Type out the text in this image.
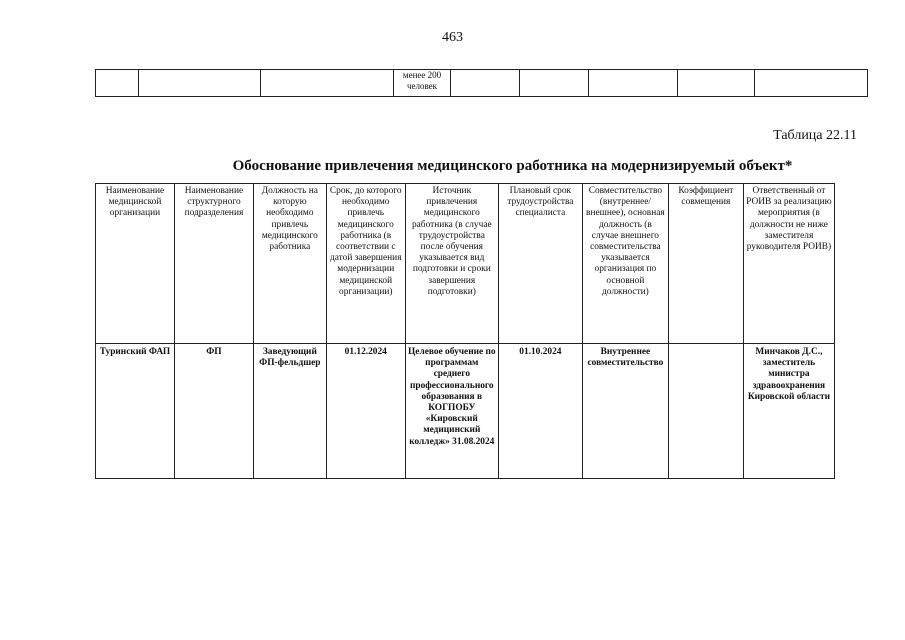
463
			менее 200 человек					
Таблица 22.11
Обоснование привлечения медицинского работника на модернизируемый объект*
Наименование медицинской организации	Наименование структурного подразделения	Должность на которую необходимо привлечь медицинского работника	Срок, до которого необходимо привлечь медицинского работника (в соответствии с датой завершения модернизации медицинской организации)	Источник привлечения медицинского работника (в случае трудоустройства после обучения указывается вид подготовки и сроки завершения подготовки)	Плановый срок трудоустройства специалиста	Совместительство (внутреннее/внешнее), основная должность (в случае внешнего совместительства указывается организация по основной должности)	Коэффициент совмещения	Ответственный от РОИВ за реализацию мероприятия (в должности не ниже заместителя руководителя РОИВ)
Туринский ФАП	ФП	Заведующий ФП-фельдшер	01.12.2024	Целевое обучение по программам среднего профессионального образования в КОГПОБУ «Кировский медицинский колледж» 31.08.2024	01.10.2024	Внутреннее совместительство		Минчаков Д.С., заместитель министра здравоохранения Кировской области
